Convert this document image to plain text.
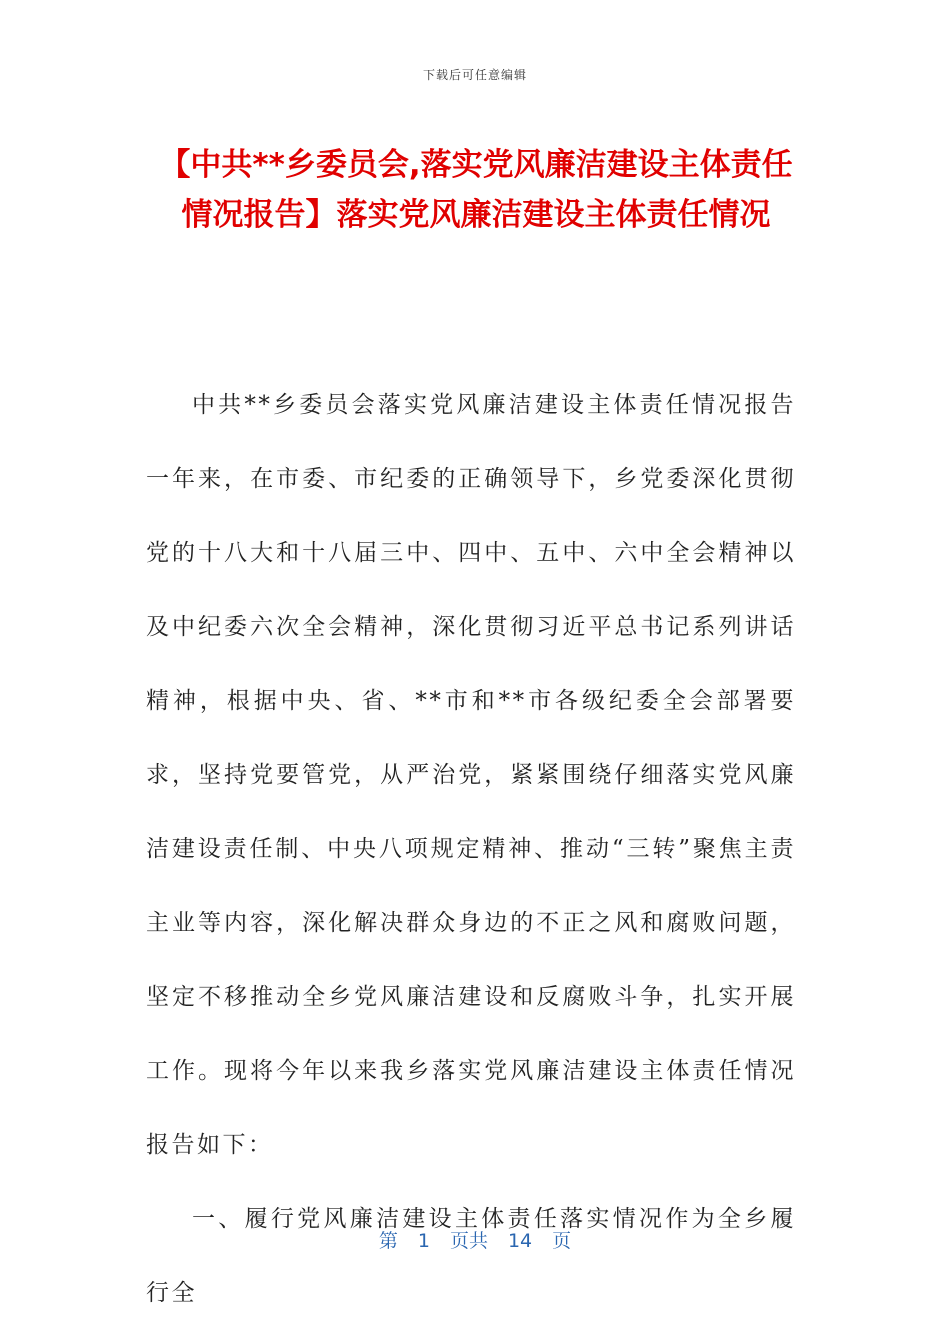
下载后可任意编辑
【中共**乡委员会,落实党风廉洁建设主体责任情况报告】落实党风廉洁建设主体责任情况

中共**乡委员会落实党风廉洁建设主体责任情况报告一年来，在市委、市纪委的正确领导下，乡党委深化贯彻党的十八大和十八届三中、四中、五中、六中全会精神以及中纪委六次全会精神，深化贯彻习近平总书记系列讲话精神，根据中央、省、**市和**市各级纪委全会部署要求，坚持党要管党，从严治党，紧紧围绕仔细落实党风廉洁建设责任制、中央八项规定精神、推动“三转”聚焦主责主业等内容，深化解决群众身边的不正之风和腐败问题，坚定不移推动全乡党风廉洁建设和反腐败斗争，扎实开展工作。现将今年以来我乡落实党风廉洁建设主体责任情况报告如下：

一、履行党风廉洁建设主体责任落实情况作为全乡履行全

第 1 页共 14 页
